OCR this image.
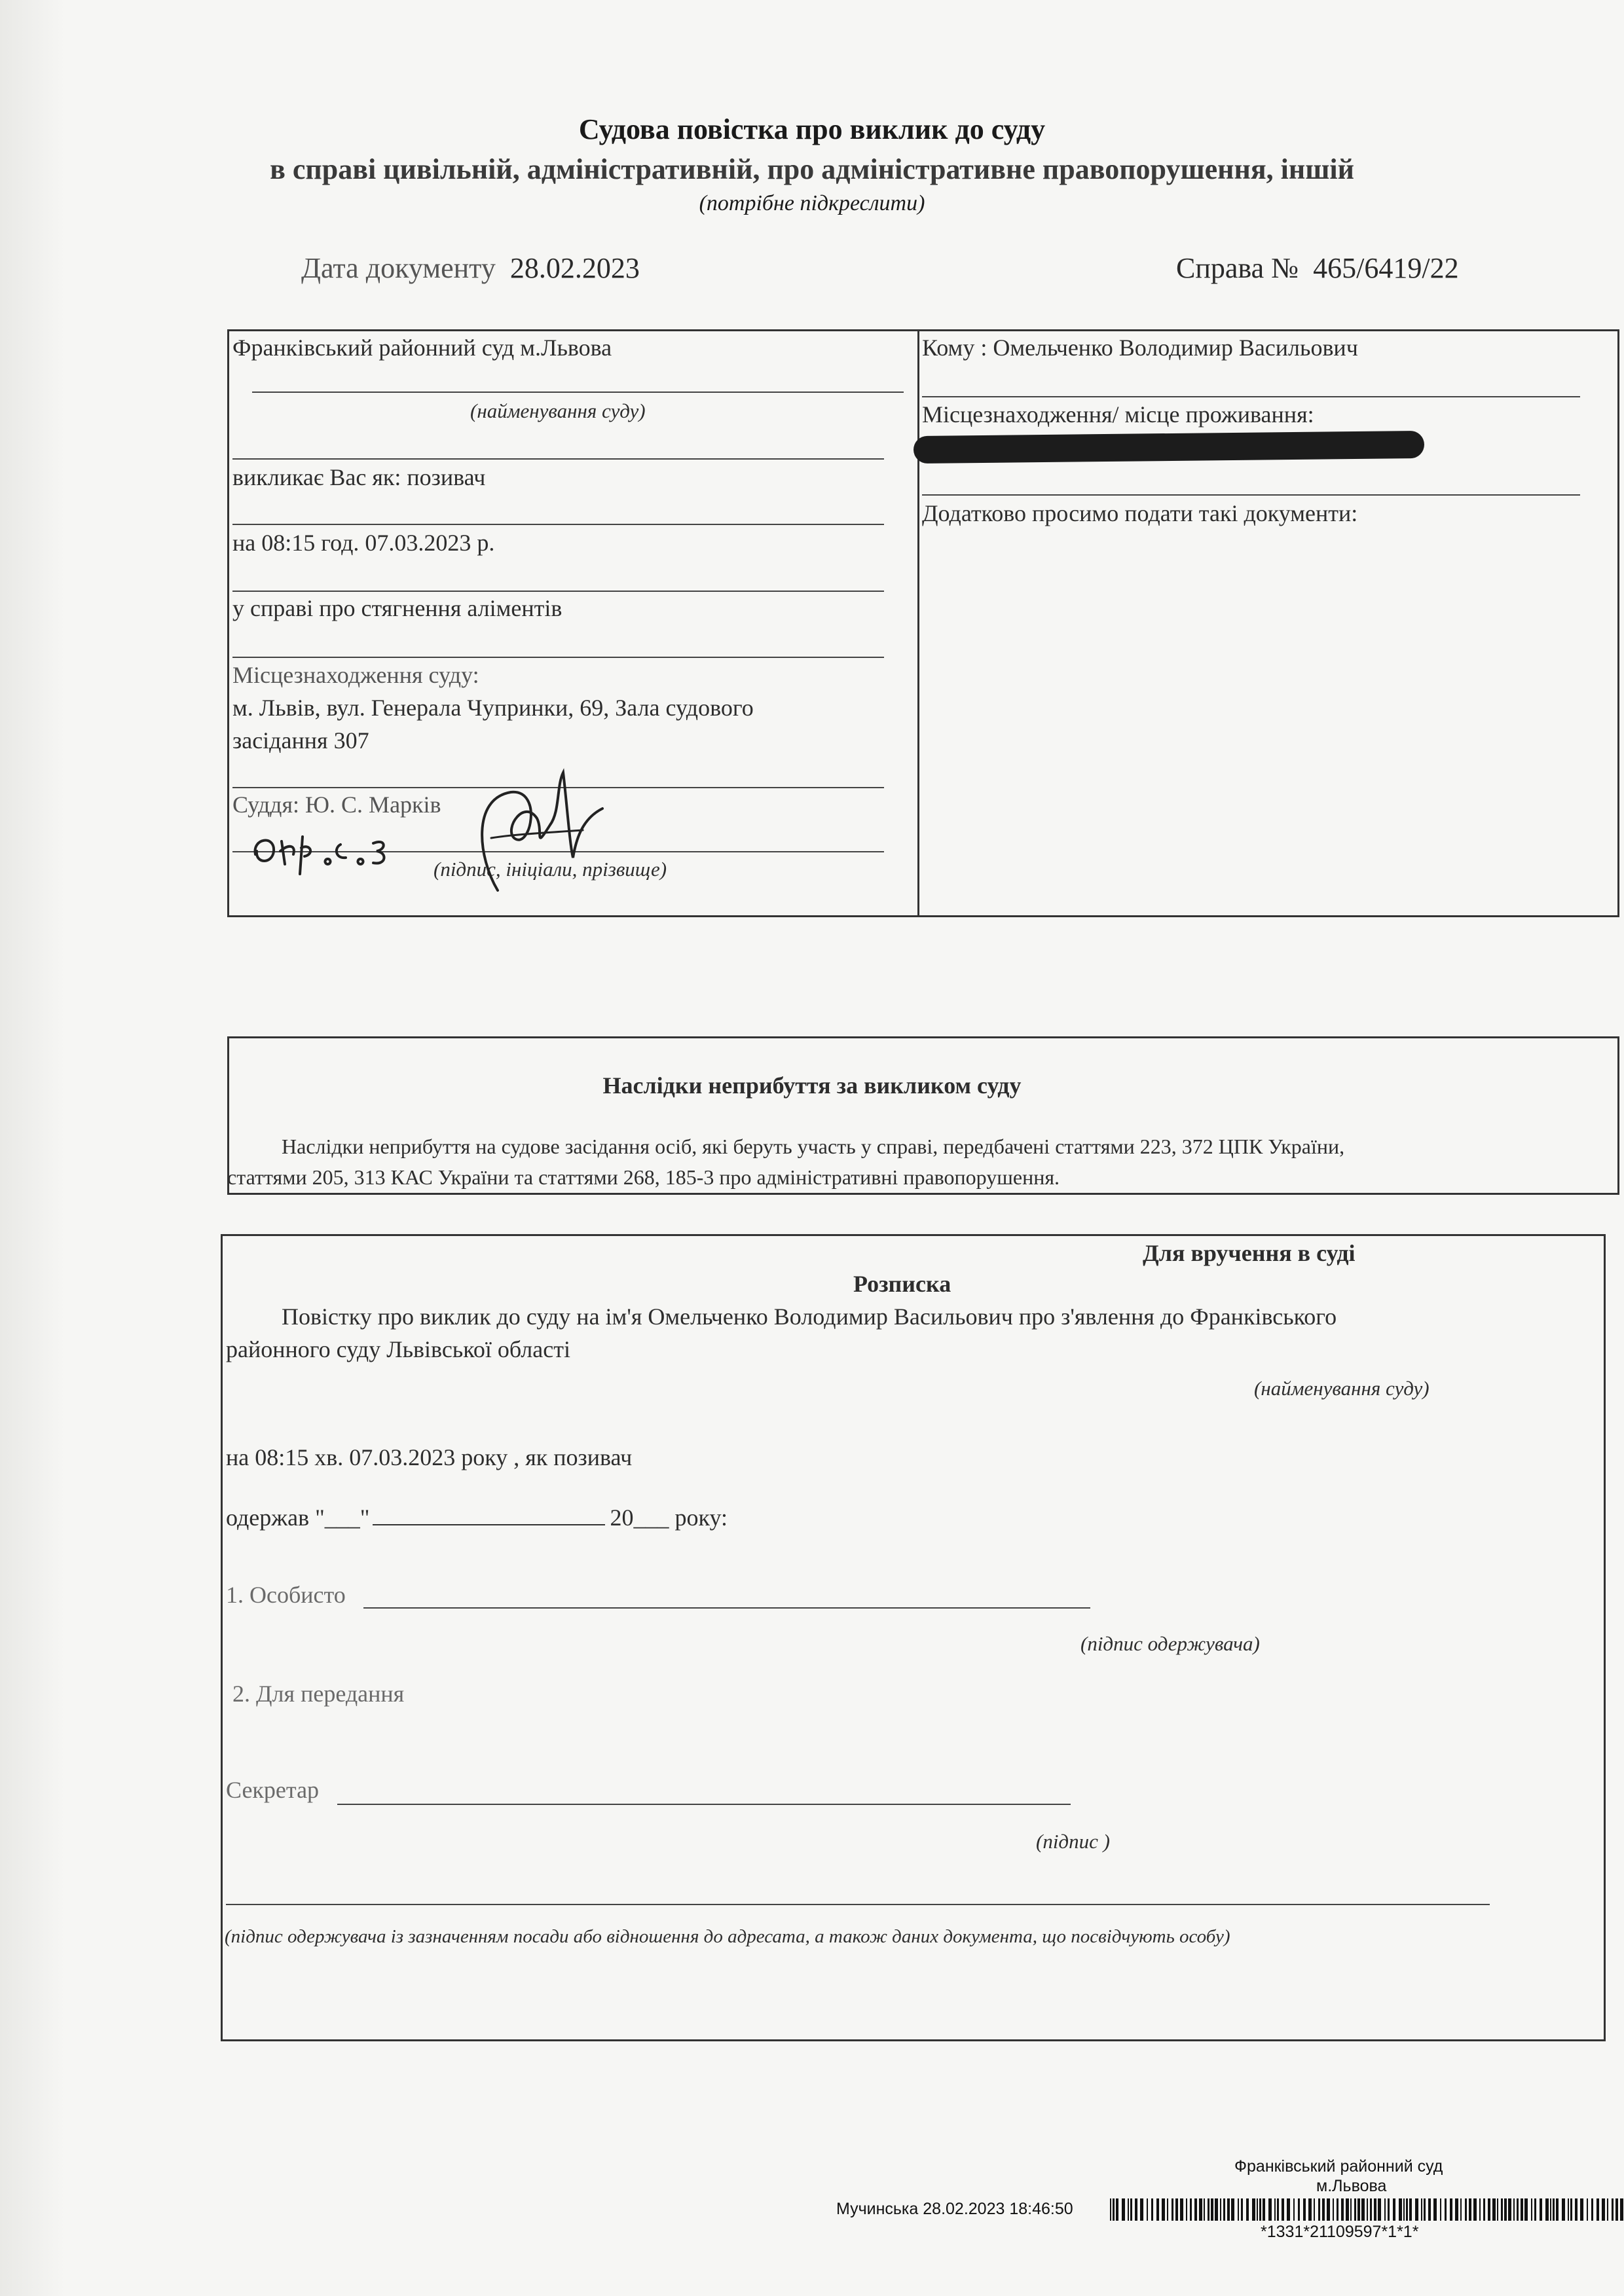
Судова повістка про виклик до суду
в справі цивільній, адміністративній, про адміністративне правопорушення, іншій
(потрібне підкреслити)
Дата документу 28.02.2023	Справа № 465/6419/22
Франківський районний суд м.Львова
(найменування суду)
викликає Вас як: позивач
на 08:15 год. 07.03.2023 р.
у справі про стягнення аліментів
Місцезнаходження суду:
м. Львів, вул. Генерала Чупринки, 69, Зала судового
засідання 307
Суддя: Ю. С. Марків
(підпис, ініціали, прізвище)
Кому : Омельченко Володимир Васильович
Місцезнаходження/ місце проживання:
Додатково просимо подати такі документи:
Наслідки неприбуття за викликом суду
Наслідки неприбуття на судове засідання осіб, які беруть участь у справі, передбачені статтями 223, 372 ЦПК України,
статтями 205, 313 КАС України та статтями 268, 185-3 про адміністративні правопорушення.
Для вручення в суді
Розписка
Повістку про виклик до суду на ім'я Омельченко Володимир Васильович про з'явлення до Франківського
районного суду Львівської області
(найменування суду)
на 08:15 хв. 07.03.2023 року , як позивач
одержав "___"	20___ року:
1. Особисто
(підпис одержувача)
2. Для передання
Секретар
(підпис )
(підпис одержувача із зазначенням посади або відношення до адресата, а також даних документа, що посвідчують особу)
Франківський районний суд
м.Львова
Мучинська 28.02.2023 18:46:50
*1331*21109597*1*1*
